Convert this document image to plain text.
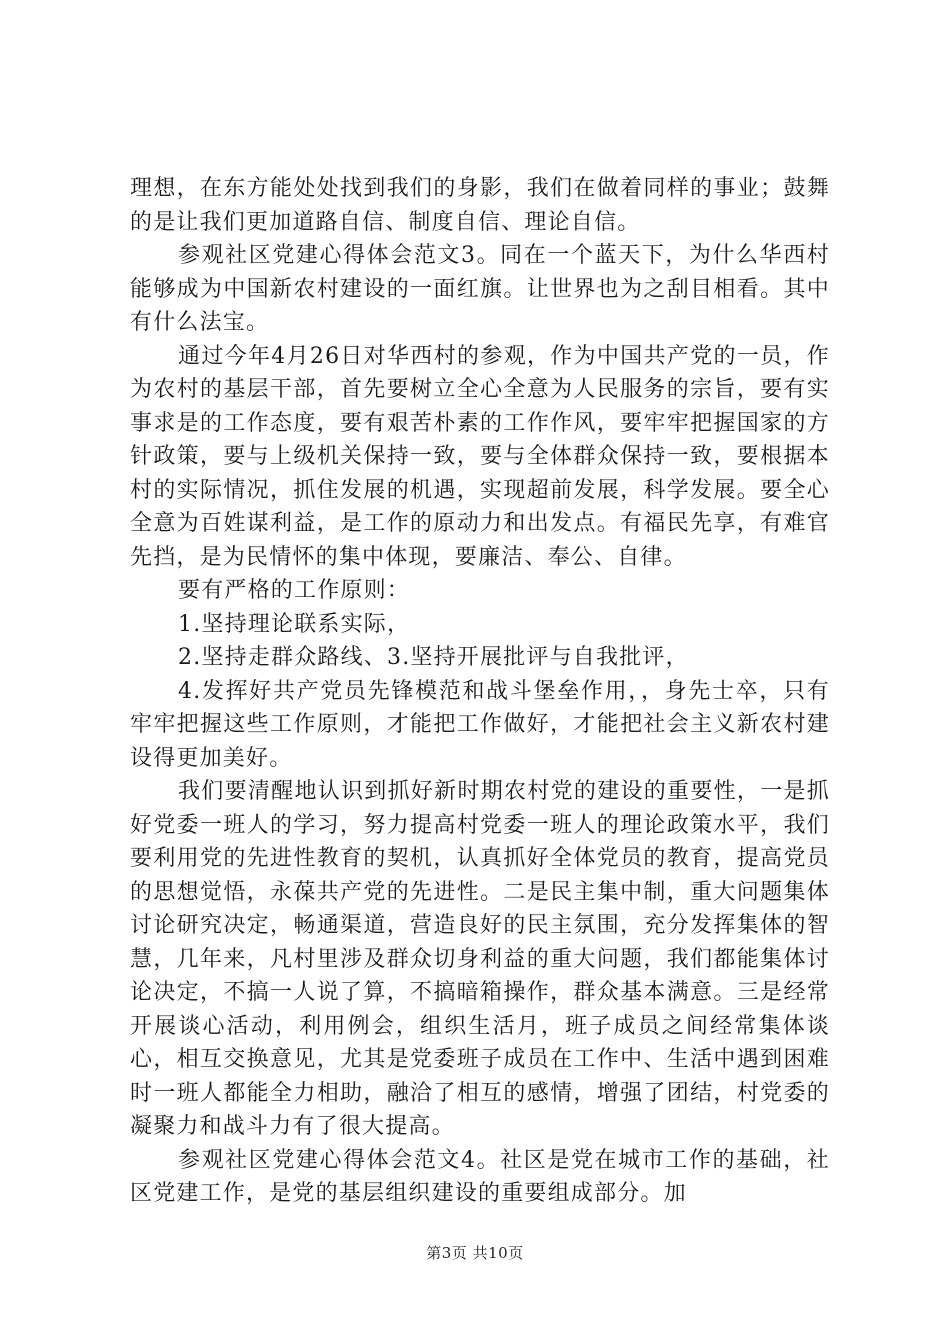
理想，在东方能处处找到我们的身影，我们在做着同样的事业；鼓舞的是让我们更加道路自信、制度自信、理论自信。

参观社区党建心得体会范文3。同在一个蓝天下，为什么华西村能够成为中国新农村建设的一面红旗。让世界也为之刮目相看。其中有什么法宝。

通过今年4月26日对华西村的参观，作为中国共产党的一员，作为农村的基层干部，首先要树立全心全意为人民服务的宗旨，要有实事求是的工作态度，要有艰苦朴素的工作作风，要牢牢把握国家的方针政策，要与上级机关保持一致，要与全体群众保持一致，要根据本村的实际情况，抓住发展的机遇，实现超前发展，科学发展。要全心全意为百姓谋利益，是工作的原动力和出发点。有福民先享，有难官先挡，是为民情怀的集中体现，要廉洁、奉公、自律。

要有严格的工作原则：

1.坚持理论联系实际，

2.坚持走群众路线、3.坚持开展批评与自我批评，

4.发挥好共产党员先锋模范和战斗堡垒作用，，身先士卒，只有牢牢把握这些工作原则，才能把工作做好，才能把社会主义新农村建设得更加美好。

我们要清醒地认识到抓好新时期农村党的建设的重要性，一是抓好党委一班人的学习，努力提高村党委一班人的理论政策水平，我们要利用党的先进性教育的契机，认真抓好全体党员的教育，提高党员的思想觉悟，永葆共产党的先进性。二是民主集中制，重大问题集体讨论研究决定，畅通渠道，营造良好的民主氛围，充分发挥集体的智慧，几年来，凡村里涉及群众切身利益的重大问题，我们都能集体讨论决定，不搞一人说了算，不搞暗箱操作，群众基本满意。三是经常开展谈心活动，利用例会，组织生活月，班子成员之间经常集体谈心，相互交换意见，尤其是党委班子成员在工作中、生活中遇到困难时一班人都能全力相助，融洽了相互的感情，增强了团结，村党委的凝聚力和战斗力有了很大提高。

参观社区党建心得体会范文4。社区是党在城市工作的基础，社区党建工作，是党的基层组织建设的重要组成部分。加

第3页 共10页
